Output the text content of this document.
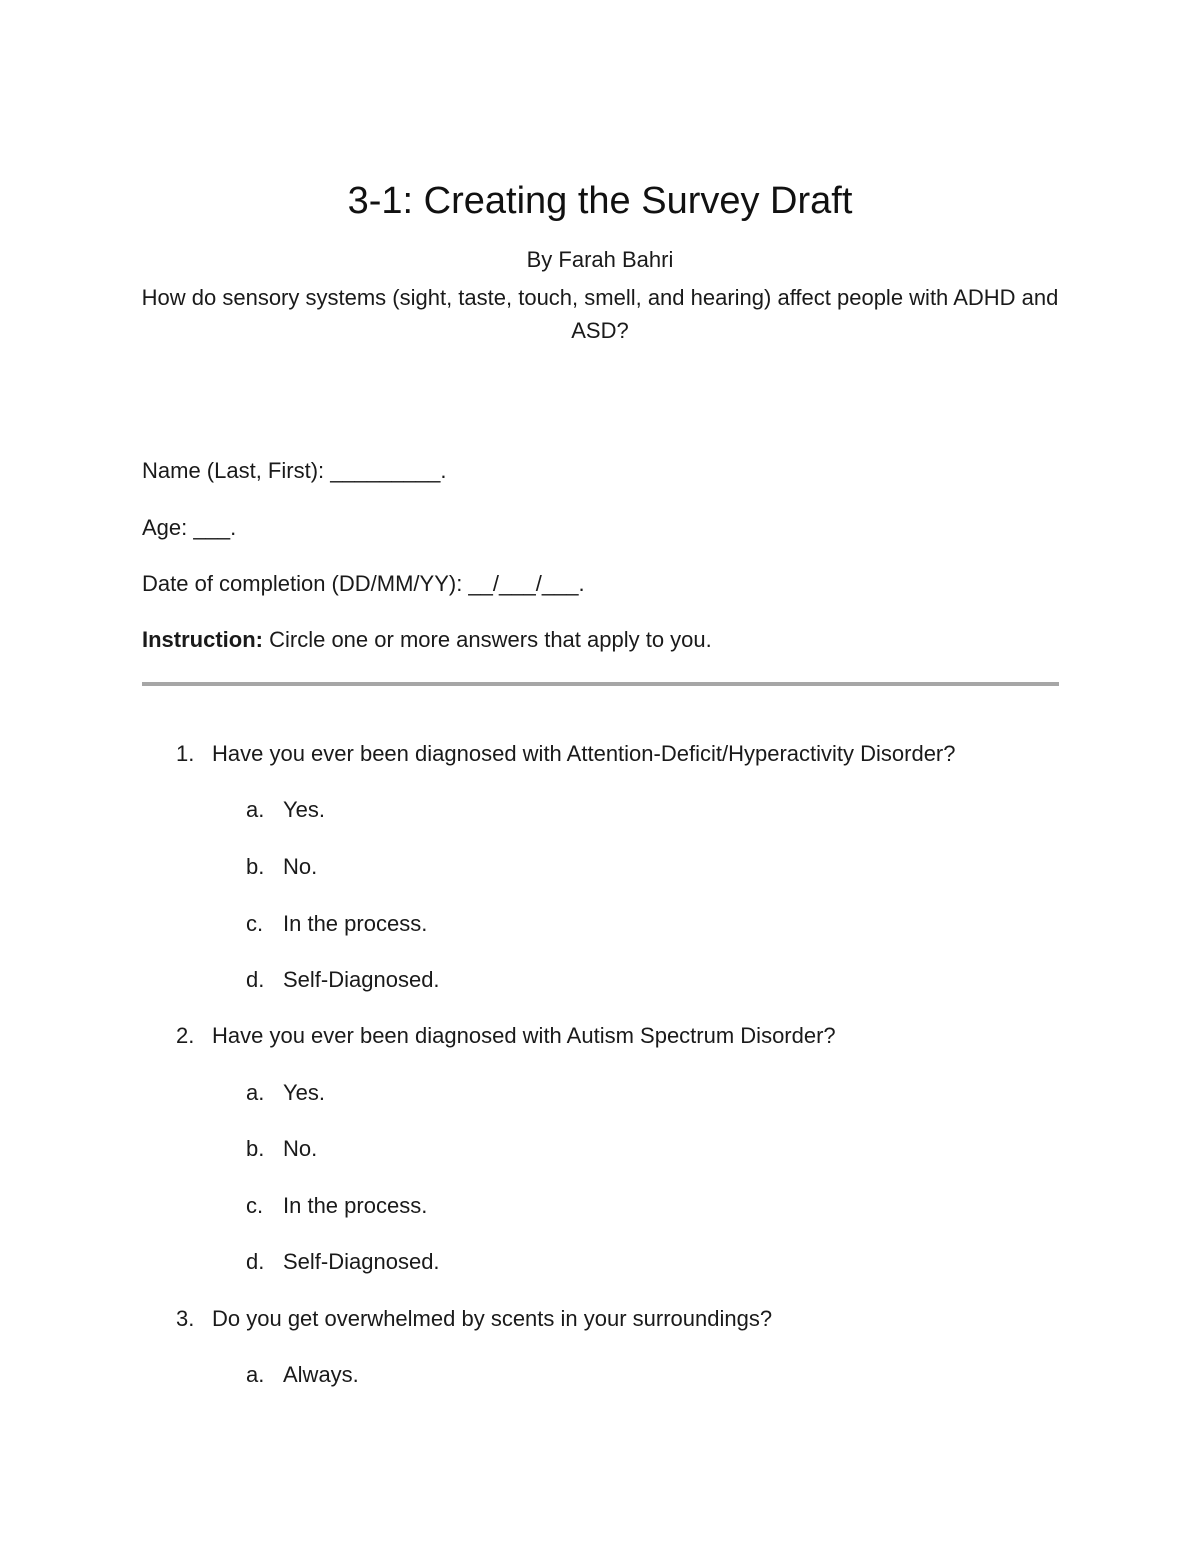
3-1: Creating the Survey Draft
By Farah Bahri
How do sensory systems (sight, taste, touch, smell, and hearing) affect people with ADHD and ASD?
Name (Last, First): _________.
Age: ___.
Date of completion (DD/MM/YY): __/___/___.
Instruction: Circle one or more answers that apply to you.
1. Have you ever been diagnosed with Attention-Deficit/Hyperactivity Disorder?
a. Yes.
b. No.
c. In the process.
d. Self-Diagnosed.
2. Have you ever been diagnosed with Autism Spectrum Disorder?
a. Yes.
b. No.
c. In the process.
d. Self-Diagnosed.
3. Do you get overwhelmed by scents in your surroundings?
a. Always.
